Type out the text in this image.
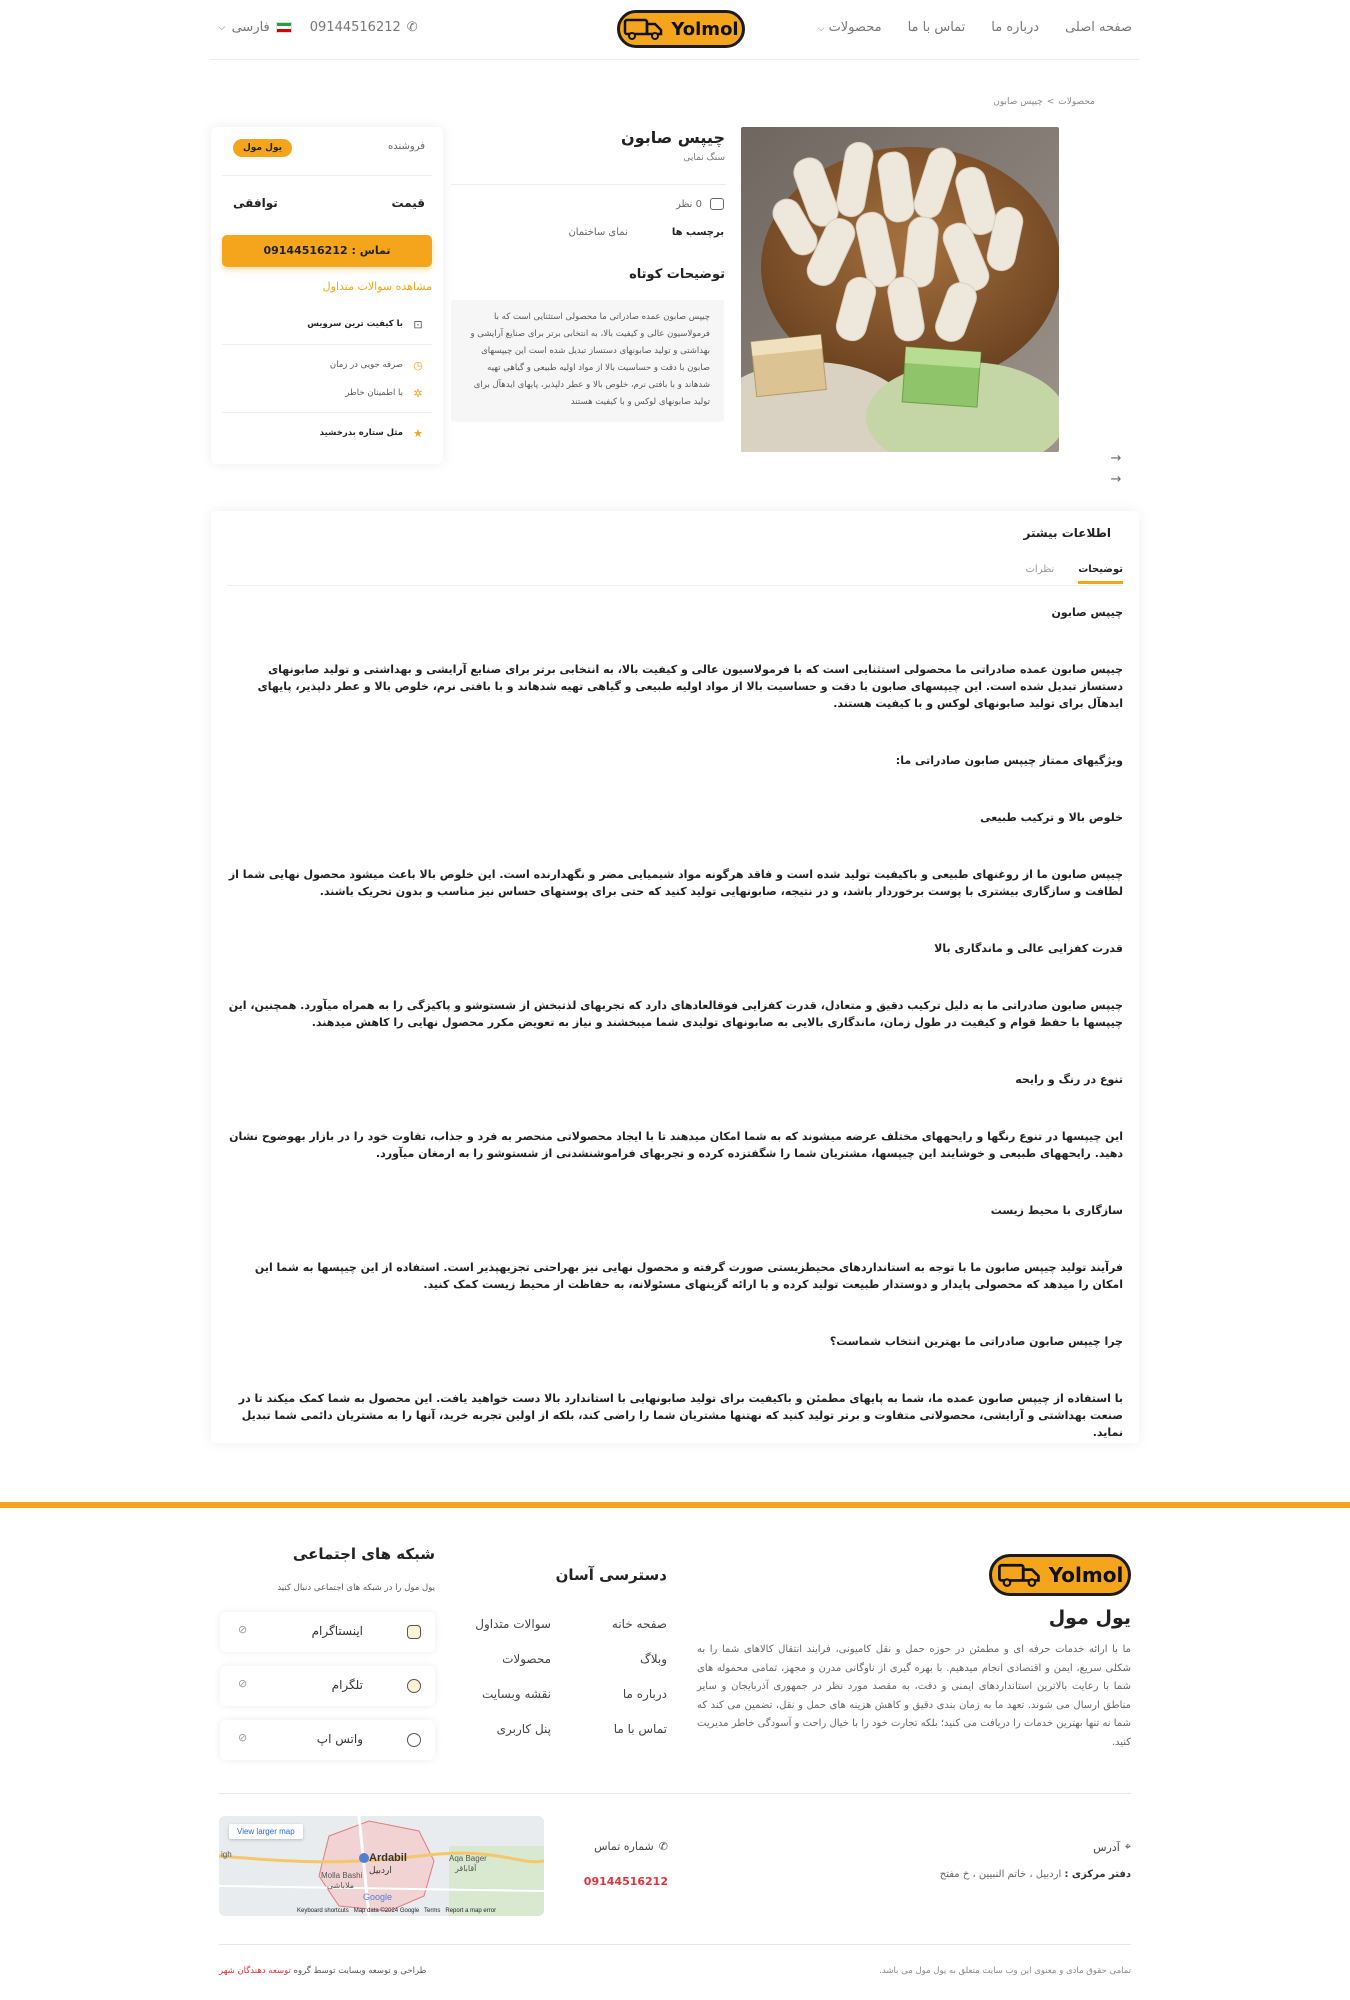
صفحه اصلی
درباره ما
تماس با ما
محصولات⌵
Yolmol
✆
09144516212
فارسی
⌵
محصولات
>
چیپس صابون
→
→
چیپس صابون
سنگ نمایی
0 نظر
برچسب ها
نمای ساختمان
توضیحات کوتاه
چیپس صابون عمده صادراتی ما محصولی استثنایی است که با فرمولاسیون عالی و کیفیت بالا، به انتخابی برتر برای صنایع آرایشی و بهداشتی و تولید صابونهای دستساز تبدیل شده است این چیپسهای صابون با دقت و حساسیت بالا از مواد اولیه طبیعی و گیاهی تهیه شدهاند و با بافتی نرم، خلوص بالا و عطر دلپذیر، پایهای ایدهآل برای تولید صابونهای لوکس و با کیفیت هستند
فروشنده
یول مول
قیمت
توافقی
تماس : 09144516212
مشاهده سوالات متداول
⊡
با کیفیت ترین سرویس
◷
صرفه جویی در زمان
✲
با اطمینان خاطر
★
مثل ستاره بدرخشید
اطلاعات بیشتر
توضیحات
نظرات
چیپس صابون
چیپس صابون عمده صادراتی ما محصولی استثنایی است که با فرمولاسیون عالی و کیفیت بالا، به انتخابی برتر برای صنایع آرایشی و بهداشتی و تولید صابونهای دستساز تبدیل شده است. این چیپسهای صابون با دقت و حساسیت بالا از مواد اولیه طبیعی و گیاهی تهیه شدهاند و با بافتی نرم، خلوص بالا و عطر دلپذیر، پایهای ایدهآل برای تولید صابونهای لوکس و با کیفیت هستند.
ویژگیهای ممتاز چیپس صابون صادراتی ما:
خلوص بالا و ترکیب طبیعی
چیپس صابون ما از روغنهای طبیعی و باکیفیت تولید شده است و فاقد هرگونه مواد شیمیایی مضر و نگهدارنده است. این خلوص بالا باعث میشود محصول نهایی شما از لطافت و سازگاری بیشتری با پوست برخوردار باشد، و در نتیجه، صابونهایی تولید کنید که حتی برای پوستهای حساس نیز مناسب و بدون تحریک باشند.
قدرت کفزایی عالی و ماندگاری بالا
چیپس صابون صادراتی ما به دلیل ترکیب دقیق و متعادل، قدرت کفزایی فوقالعادهای دارد که تجربهای لذتبخش از شستوشو و پاکیزگی را به همراه میآورد. همچنین، این چیپسها با حفظ قوام و کیفیت در طول زمان، ماندگاری بالایی به صابونهای تولیدی شما میبخشند و نیاز به تعویض مکرر محصول نهایی را کاهش میدهند.
تنوع در رنگ و رایحه
این چیپسها در تنوع رنگها و رایحههای مختلف عرضه میشوند که به شما امکان میدهند تا با ایجاد محصولاتی منحصر به فرد و جذاب، تفاوت خود را در بازار بهوضوح نشان دهید. رایحههای طبیعی و خوشایند این چیپسها، مشتریان شما را شگفتزده کرده و تجربهای فراموشنشدنی از شستوشو را به ارمغان میآورد.
سازگاری با محیط زیست
فرآیند تولید چیپس صابون ما با توجه به استانداردهای محیطزیستی صورت گرفته و محصول نهایی نیز بهراحتی تجزیهپذیر است. استفاده از این چیپسها به شما این امکان را میدهد که محصولی پایدار و دوستدار طبیعت تولید کرده و با ارائه گزینهای مسئولانه، به حفاظت از محیط زیست کمک کنید.
چرا چیپس صابون صادراتی ما بهترین انتخاب شماست؟
با استفاده از چیپس صابون عمده ما، شما به پایهای مطمئن و باکیفیت برای تولید صابونهایی با استاندارد بالا دست خواهید یافت. این محصول به شما کمک میکند تا در صنعت بهداشتی و آرایشی، محصولاتی متفاوت و برتر تولید کنید که نهتنها مشتریان شما را راضی کند، بلکه از اولین تجربه خرید، آنها را به مشتریان دائمی شما تبدیل نماید.
Yolmol
یول مول
ما با ارائه خدمات حرفه ای و مطمئن در حوزه حمل و نقل کامیونی، فرایند انتقال کالاهای شما را به شکلی سریع، ایمن و اقتصادی انجام میدهیم. با بهره گیری از ناوگانی مدرن و مجهز، تمامی محموله های شما با رعایت بالاترین استانداردهای ایمنی و دقت، به مقصد مورد نظر در جمهوری آذربایجان و سایر مناطق ارسال می شوند. تعهد ما به زمان بندی دقیق و کاهش هزینه های حمل و نقل، تضمین می کند که شما نه تنها بهترین خدمات را دریافت می کنید؛ بلکه تجارت خود را با خیال راحت و آسودگی خاطر مدیریت کنید.
دسترسی آسان
صفحه خانه
وبلاگ
درباره ما
تماس با ما
سوالات متداول
محصولات
نقشه وبسایت
پنل کاربری
شبکه های اجتماعی
یول مول را در شبکه های اجتماعی دنبال کنید
اینستاگرام
⊘
تلگرام
⊘
واتس اپ
⊘
⌖
آدرس
دفتر مرکزی : اردبیل ، خاتم النبیین ، خ مفتح
✆
شماره تماس
09144516212
View larger map
Ardabil
اردبیل
Aqa Bager
آقاباقر
Molla Bashi
ملاباشی
igh
Google
Keyboard shortcuts   Map data ©2024 Google   Terms   Report a map error
تمامی حقوق مادی و معنوی این وب سایت متعلق به یول مول می باشد.
طراحی و توسعه وبسایت توسط گروه توسعه دهندگان شهر
